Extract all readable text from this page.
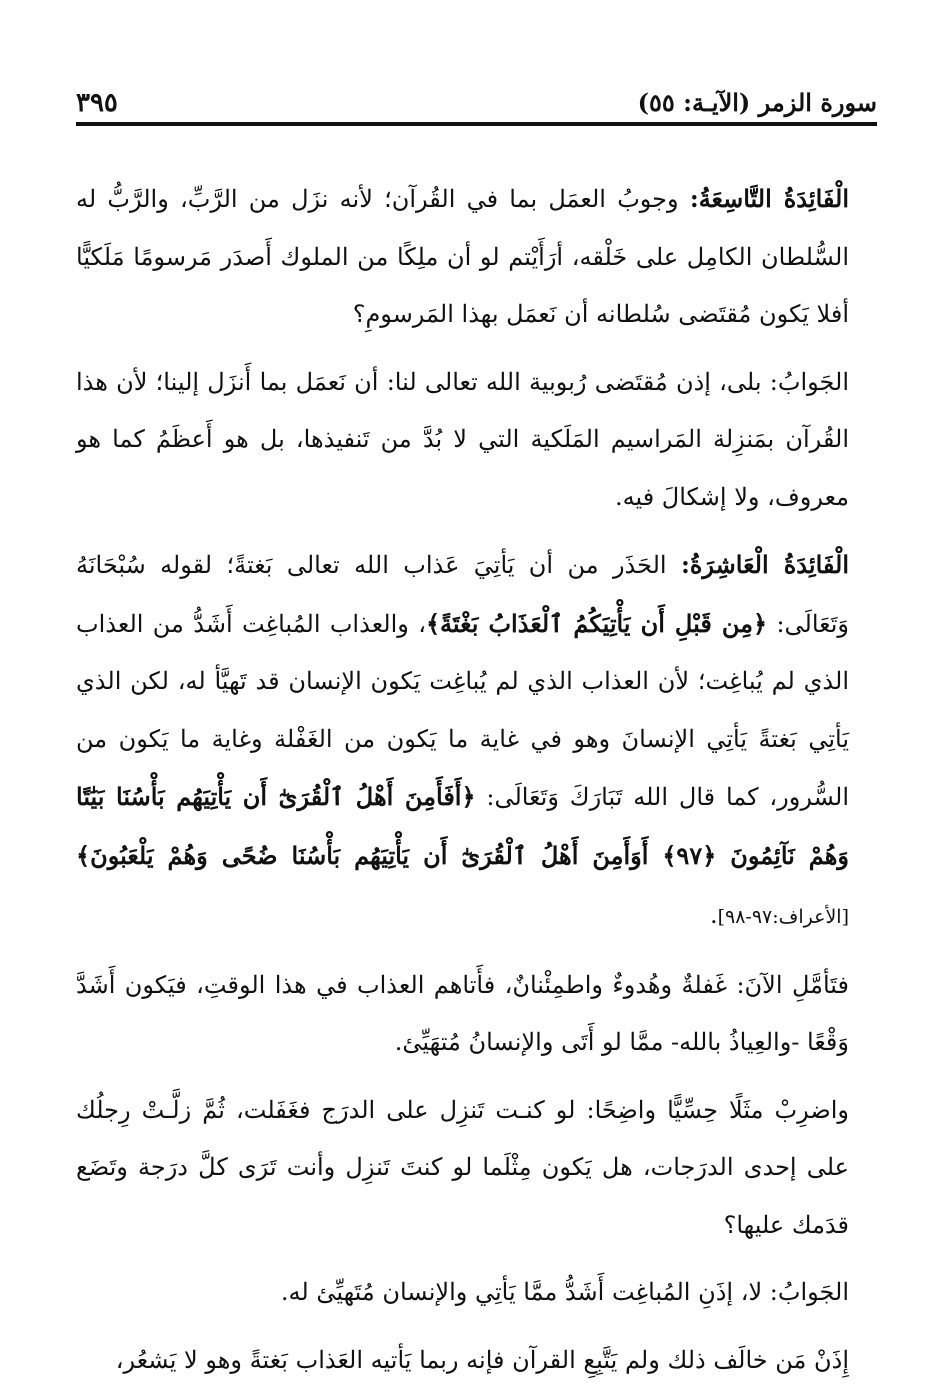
سورة الزمر (الآيـة: ٥٥)
٣٩٥

الْفَائِدَةُ التَّاسِعَةُ: وجوبُ العمَل بما في القُرآن؛ لأنه نزَل من الرَّبِّ، والرَّبُّ له السُّلطان الكامِل على خَلْقه، أرَأَيْتم لو أن ملِكًا من الملوك أَصدَر مَرسومًا مَلَكيًّا أفلا يَكون مُقتَضى سُلطانه أن نَعمَل بهذا المَرسومِ؟

الجَوابُ: بلى، إذن مُقتَضى رُبوبية الله تعالى لنا: أن نَعمَل بما أَنزَل إلينا؛ لأن هذا القُرآن بمَنزِلة المَراسيم المَلَكية التي لا بُدَّ من تَنفيذها، بل هو أَعظَمُ كما هو معروف، ولا إشكالَ فيه.

الْفَائِدَةُ الْعَاشِرَةُ: الحَذَر من أن يَأتِيَ عَذاب الله تعالى بَغتةً؛ لقوله سُبْحَانَهُ وَتَعَالَى: ﴿مِن قَبْلِ أَن يَأْتِيَكُمُ ٱلْعَذَابُ بَغْتَةً﴾، والعذاب المُباغِت أَشَدُّ من العذاب الذي لم يُباغِت؛ لأن العذاب الذي لم يُباغِت يَكون الإنسان قد تَهيَّأ له، لكن الذي يَأتِي بَغتةً يَأتِي الإنسانَ وهو في غاية ما يَكون من الغَفْلة وغاية ما يَكون من السُّرور، كما قال الله تَبَارَكَ وَتَعَالَى: ﴿أَفَأَمِنَ أَهْلُ ٱلْقُرَىٰٓ أَن يَأْتِيَهُم بَأْسُنَا بَيَٰتًا وَهُمْ نَآئِمُونَ ﴿٩٧﴾ أَوَأَمِنَ أَهْلُ ٱلْقُرَىٰٓ أَن يَأْتِيَهُم بَأْسُنَا ضُحًى وَهُمْ يَلْعَبُونَ﴾ [الأعراف:٩٧-٩٨].

فتَأمَّلِ الآنَ: غَفلةٌ وهُدوءٌ واطمِئْنانٌ، فأَتاهم العذاب في هذا الوقتِ، فيَكون أَشَدَّ وَقْعًا -والعِياذُ بالله- ممَّا لو أَتَى والإنسانُ مُتهَيِّئ.

واضرِبْ مثَلًا حِسِّيًّا واضِحًا: لو كنـت تَنزِل على الدرَج فغَفَلت، ثُمَّ زلَّـتْ رِجلُك على إحدى الدرَجات، هل يَكون مِثْلَما لو كنتَ تَنزِل وأنت تَرَى كلَّ درَجة وتَضَع قدَمك عليها؟

الجَوابُ: لا، إذَنِ المُباغِت أَشَدُّ ممَّا يَأتِي والإنسان مُتَهيِّئ له.

إِذَنْ مَن خالَف ذلك ولم يَتَّبِعِ القرآن فإنه ربما يَأتيه العَذاب بَغتةً وهو لا يَشعُر،
